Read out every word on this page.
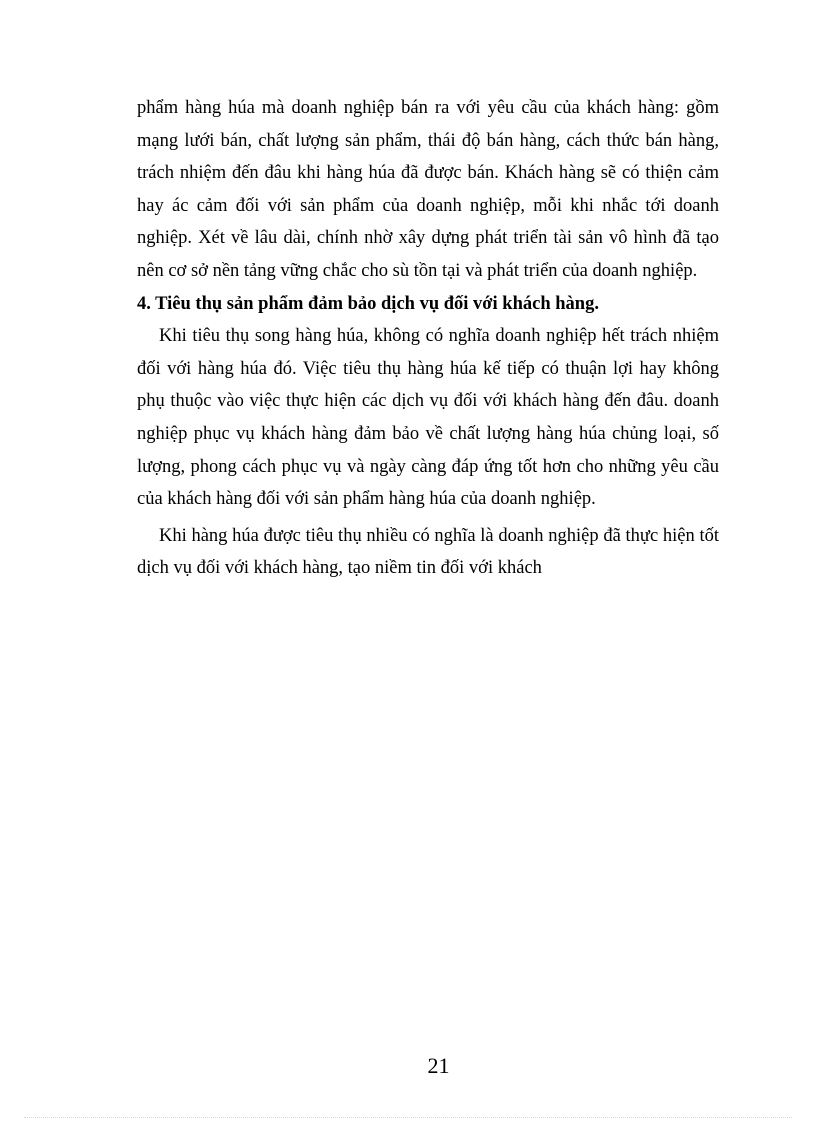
phẩm hàng húa mà doanh nghiệp bán ra với yêu cầu của khách hàng: gồm mạng lưới bán, chất lượng sản phẩm, thái độ bán hàng, cách thức bán hàng, trách nhiệm đến đâu khi hàng húa đã được bán. Khách hàng sẽ có thiện cảm hay ác cảm đối với sản phẩm của doanh nghiệp, mỗi khi nhắc tới doanh nghiệp. Xét về lâu dài, chính nhờ xây dựng phát triển tài sản vô hình đã tạo nên cơ sở nền tảng vững chắc cho sù tồn tại và phát triển của doanh nghiệp.

4. Tiêu thụ sản phẩm đảm bảo dịch vụ đối với khách hàng.

Khi tiêu thụ song hàng húa, không có nghĩa doanh nghiệp hết trách nhiệm đối với hàng húa đó. Việc tiêu thụ hàng húa kế tiếp có thuận lợi hay không phụ thuộc vào việc thực hiện các dịch vụ đối với khách hàng đến đâu. doanh nghiệp phục vụ khách hàng đảm bảo về chất lượng hàng húa chủng loại, số lượng, phong cách phục vụ và ngày càng đáp ứng tốt hơn cho những yêu cầu của khách hàng đối với sản phẩm hàng húa của doanh nghiệp.

Khi hàng húa được tiêu thụ nhiều có nghĩa là doanh nghiệp đã thực hiện tốt dịch vụ đối với khách hàng, tạo niềm tin đối với khách

21
